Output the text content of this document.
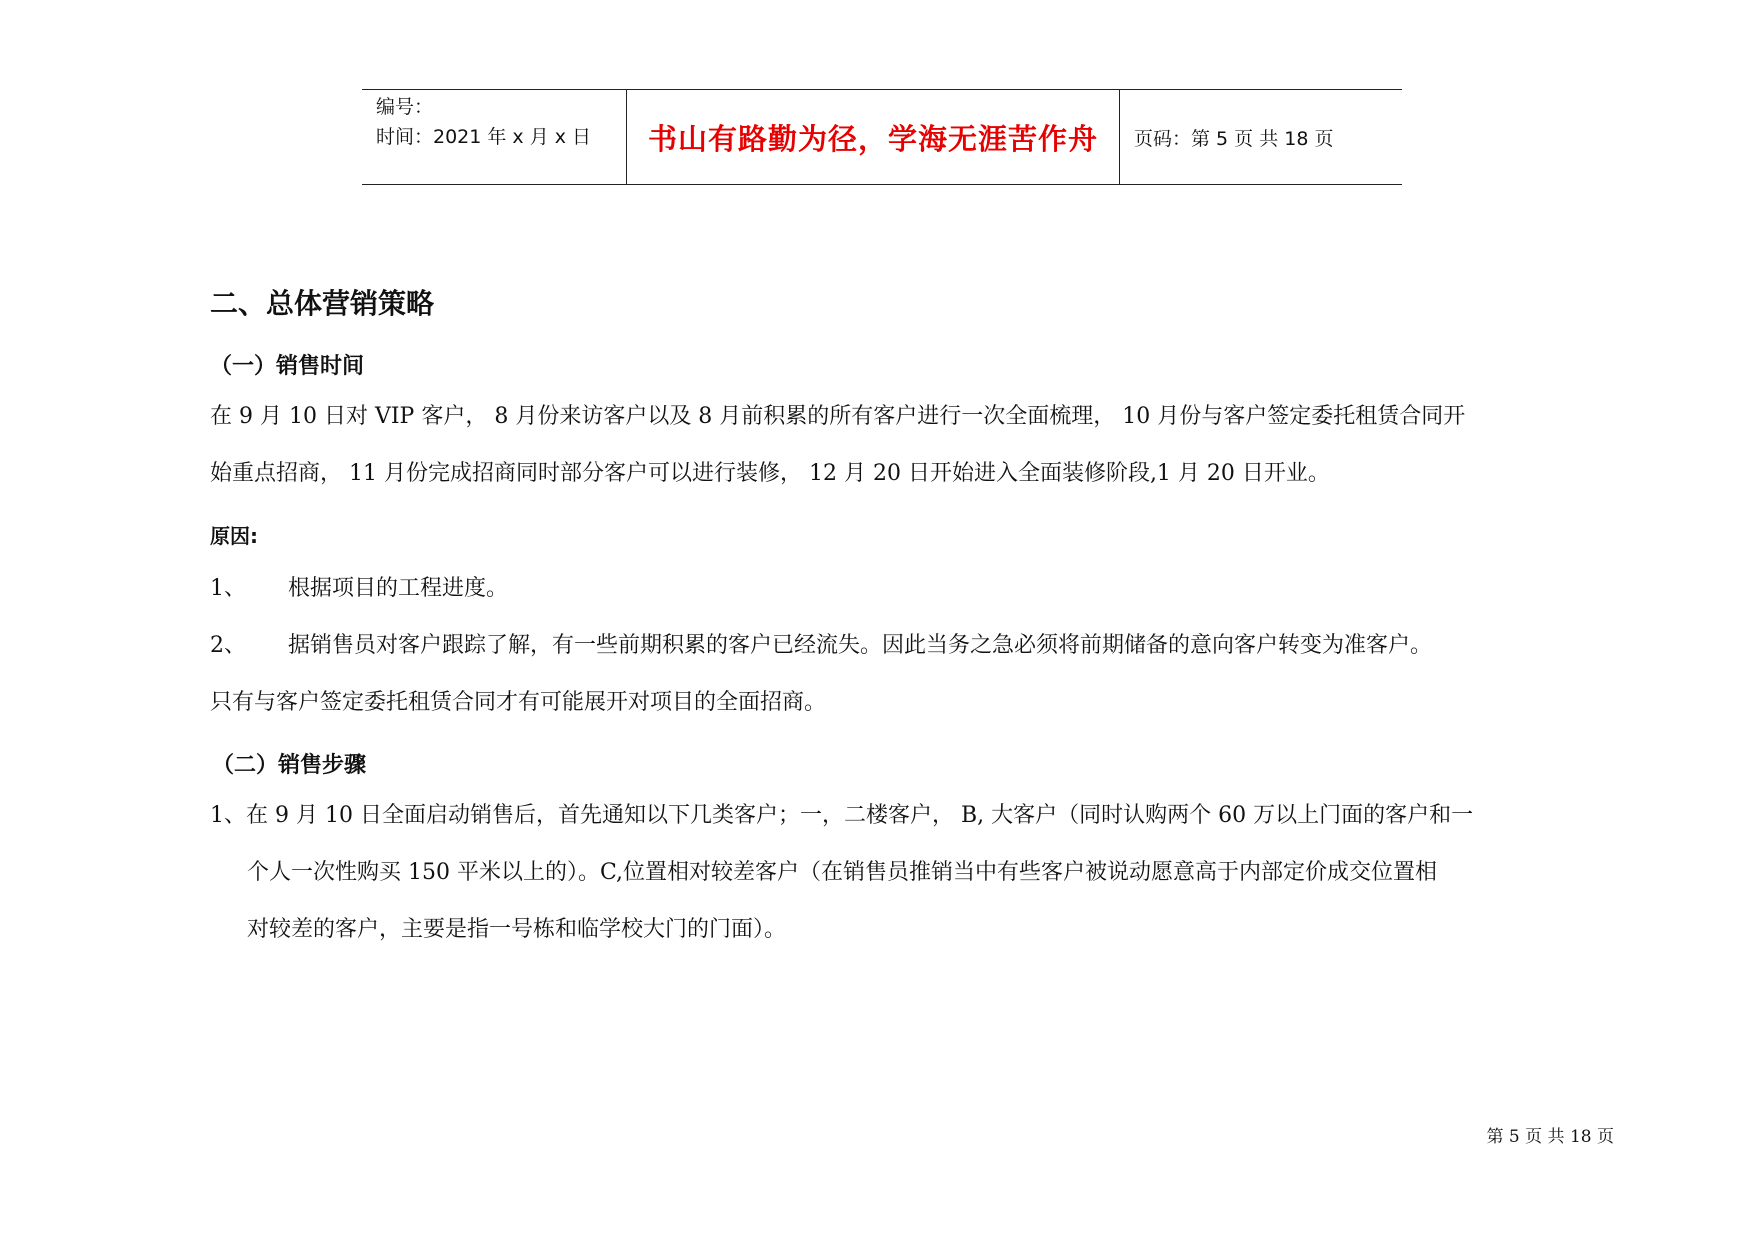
编号：
时间：2021 年 x 月 x 日	书山有路勤为径，学海无涯苦作舟	页码：第 5 页 共 18 页
二、总体营销策略
（一）销售时间
在 9 月 10 日对 VIP 客户， 8 月份来访客户以及 8 月前积累的所有客户进行一次全面梳理， 10 月份与客户签定委托租赁合同开
始重点招商， 11 月份完成招商同时部分客户可以进行装修， 12 月 20 日开始进入全面装修阶段,1 月 20 日开业。
原因:
1、      根据项目的工程进度。
2、      据销售员对客户跟踪了解，有一些前期积累的客户已经流失。因此当务之急必须将前期储备的意向客户转变为准客户。
只有与客户签定委托租赁合同才有可能展开对项目的全面招商。
（二）销售步骤
1、在 9 月 10 日全面启动销售后，首先通知以下几类客户；一，二楼客户， B, 大客户（同时认购两个 60 万以上门面的客户和一
个人一次性购买 150 平米以上的）。C,位置相对较差客户（在销售员推销当中有些客户被说动愿意高于内部定价成交位置相
对较差的客户，主要是指一号栋和临学校大门的门面）。
第 5 页 共 18 页
